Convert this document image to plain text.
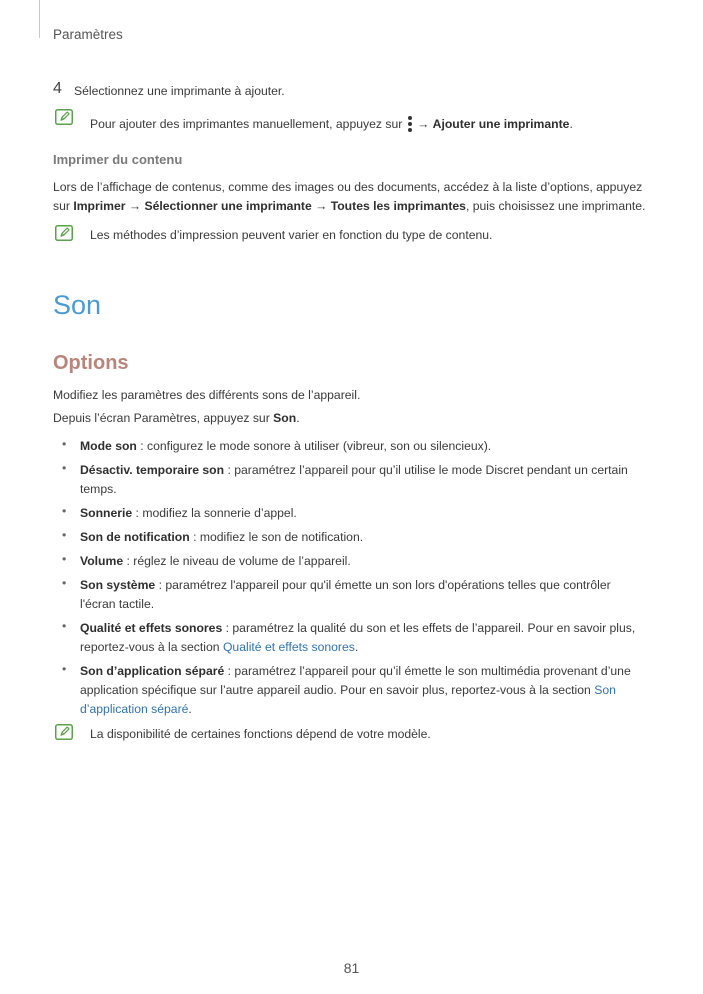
Paramètres
4 Sélectionnez une imprimante à ajouter.
Pour ajouter des imprimantes manuellement, appuyez sur → Ajouter une imprimante.
Imprimer du contenu
Lors de l’affichage de contenus, comme des images ou des documents, accédez à la liste d’options, appuyez
sur Imprimer → Sélectionner une imprimante → Toutes les imprimantes, puis choisissez une imprimante.
Les méthodes d’impression peuvent varier en fonction du type de contenu.
Son
Options
Modifiez les paramètres des différents sons de l’appareil.
Depuis l’écran Paramètres, appuyez sur Son.
• Mode son : configurez le mode sonore à utiliser (vibreur, son ou silencieux).
• Désactiv. temporaire son : paramétrez l’appareil pour qu’il utilise le mode Discret pendant un certain
temps.
• Sonnerie : modifiez la sonnerie d’appel.
• Son de notification : modifiez le son de notification.
• Volume : réglez le niveau de volume de l’appareil.
• Son système : paramétrez l'appareil pour qu'il émette un son lors d'opérations telles que contrôler
l'écran tactile.
• Qualité et effets sonores : paramétrez la qualité du son et les effets de l’appareil. Pour en savoir plus,
reportez-vous à la section Qualité et effets sonores.
• Son d’application séparé : paramétrez l’appareil pour qu’il émette le son multimédia provenant d’une
application spécifique sur l’autre appareil audio. Pour en savoir plus, reportez-vous à la section Son
d’application séparé.
La disponibilité de certaines fonctions dépend de votre modèle.
81
